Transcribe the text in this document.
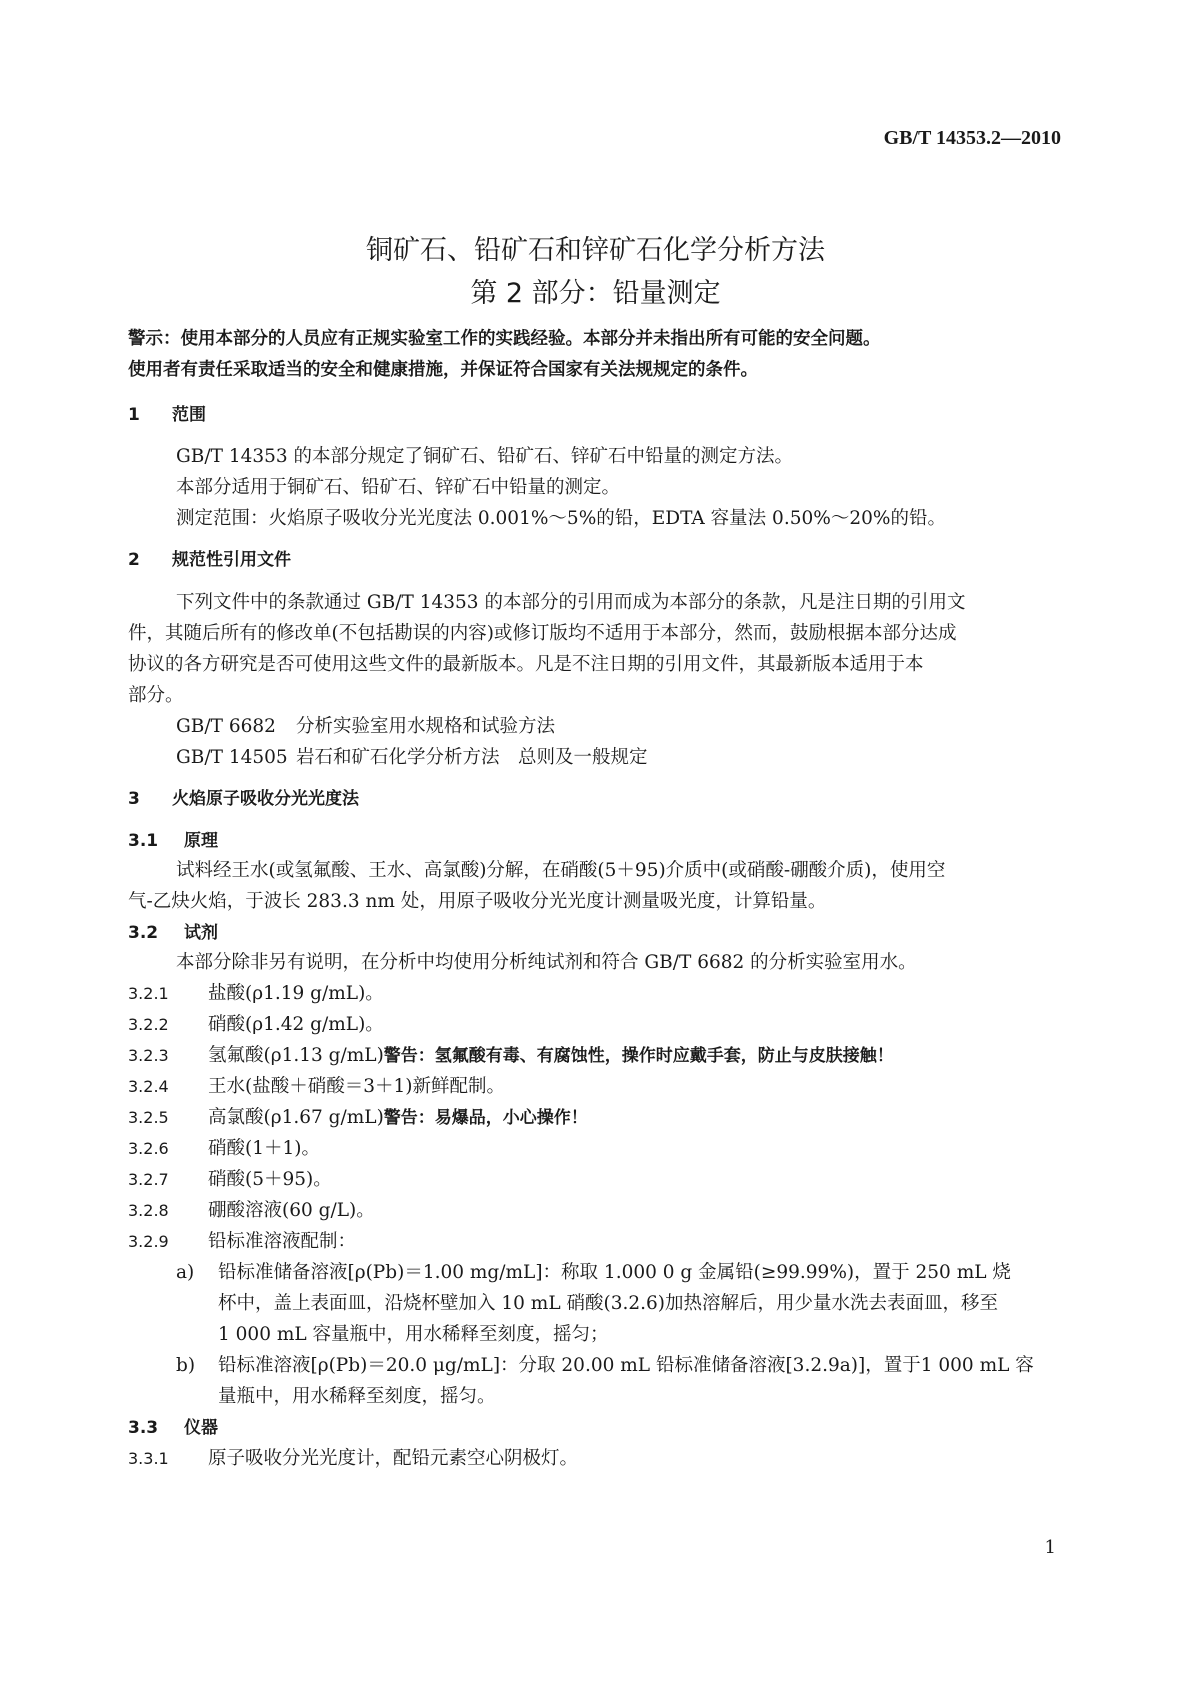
GB/T 14353.2—2010
铜矿石、铅矿石和锌矿石化学分析方法
第 2 部分：铅量测定
警示：使用本部分的人员应有正规实验室工作的实践经验。本部分并未指出所有可能的安全问题。
使用者有责任采取适当的安全和健康措施，并保证符合国家有关法规规定的条件。
1 范围
GB/T 14353 的本部分规定了铜矿石、铅矿石、锌矿石中铅量的测定方法。
本部分适用于铜矿石、铅矿石、锌矿石中铅量的测定。
测定范围：火焰原子吸收分光光度法 0.001%～5%的铅，EDTA 容量法 0.50%～20%的铅。
2 规范性引用文件
下列文件中的条款通过 GB/T 14353 的本部分的引用而成为本部分的条款，凡是注日期的引用文
件，其随后所有的修改单(不包括勘误的内容)或修订版均不适用于本部分，然而，鼓励根据本部分达成
协议的各方研究是否可使用这些文件的最新版本。凡是不注日期的引用文件，其最新版本适用于本
部分。
GB/T 6682 分析实验室用水规格和试验方法
GB/T 14505 岩石和矿石化学分析方法　总则及一般规定
3 火焰原子吸收分光光度法
3.1 原理
试料经王水(或氢氟酸、王水、高氯酸)分解，在硝酸(5＋95)介质中(或硝酸-硼酸介质)，使用空
气-乙炔火焰，于波长 283.3 nm 处，用原子吸收分光光度计测量吸光度，计算铅量。
3.2 试剂
本部分除非另有说明，在分析中均使用分析纯试剂和符合 GB/T 6682 的分析实验室用水。
3.2.1 盐酸(ρ1.19 g/mL)。
3.2.2 硝酸(ρ1.42 g/mL)。
3.2.3 氢氟酸(ρ1.13 g/mL)警告：氢氟酸有毒、有腐蚀性，操作时应戴手套，防止与皮肤接触！
3.2.4 王水(盐酸＋硝酸＝3＋1)新鲜配制。
3.2.5 高氯酸(ρ1.67 g/mL)警告：易爆品，小心操作！
3.2.6 硝酸(1＋1)。
3.2.7 硝酸(5＋95)。
3.2.8 硼酸溶液(60 g/L)。
3.2.9 铅标准溶液配制：
a) 铅标准储备溶液[ρ(Pb)＝1.00 mg/mL]：称取 1.000 0 g 金属铅(≥99.99%)，置于 250 mL 烧
杯中，盖上表面皿，沿烧杯壁加入 10 mL 硝酸(3.2.6)加热溶解后，用少量水洗去表面皿，移至
1 000 mL 容量瓶中，用水稀释至刻度，摇匀；
b) 铅标准溶液[ρ(Pb)＝20.0 μg/mL]：分取 20.00 mL 铅标准储备溶液[3.2.9a)]，置于1 000 mL 容
量瓶中，用水稀释至刻度，摇匀。
3.3 仪器
3.3.1 原子吸收分光光度计，配铅元素空心阴极灯。
1
